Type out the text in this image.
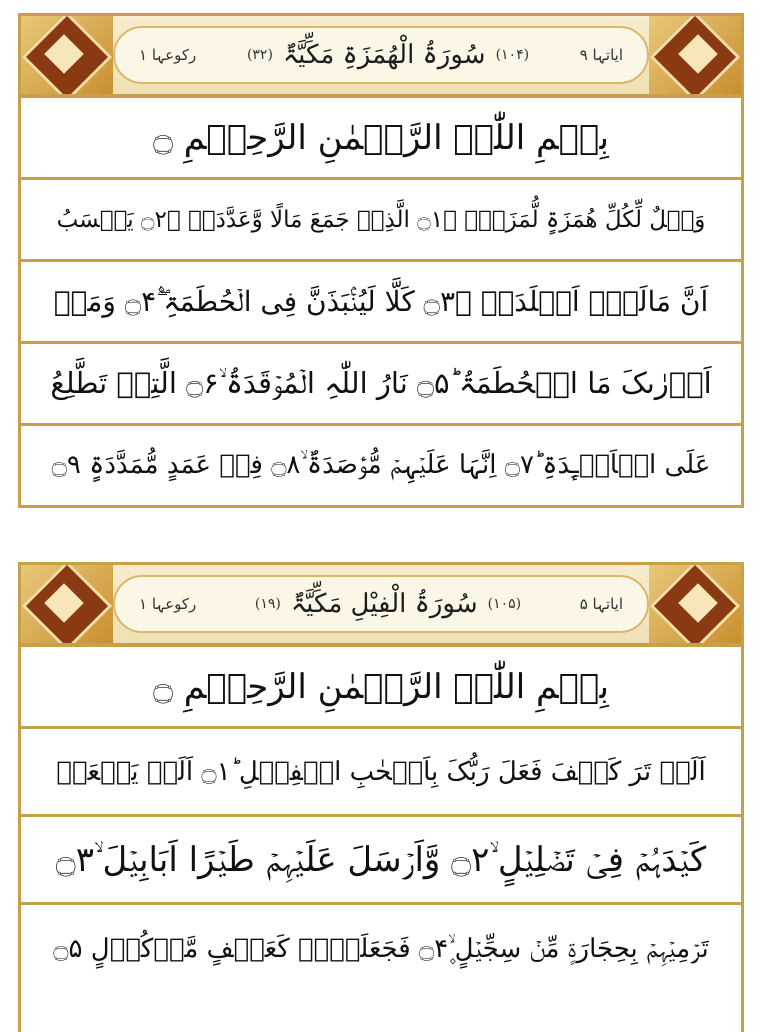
ایاتہا ۹
(۱۰۴)
سُورَۃُ الْھُمَزَۃِ مَکِّیَّۃٌ
(۳۲)
رکوعہا ۱
بِسۡمِ اللّٰہِ الرَّحۡمٰنِ الرَّحِیۡمِ ۝
وَیۡلٌ لِّکُلِّ ھُمَزَۃٍ لُّمَزَۃِۣ ۙ۝۱ الَّذِیۡ جَمَعَ مَالًا وَّعَدَّدَہٗ ۙ۝۲ یَحۡسَبُ
اَنَّ مَالَہٗۤ اَخۡلَدَہٗ ۚ۝۳ کَلَّا لَیُنۡۢبَذَنَّ فِی الۡحُطَمَۃِ ۫ۖ۝۴ وَمَاۤ
اَدۡرٰىکَ مَا الۡحُطَمَۃُ ؕ۝۵ نَارُ اللّٰہِ الۡمُوۡقَدَۃُ ۙ۝۶ الَّتِیۡ تَطَّلِعُ
عَلَی الۡاَفۡـِٕدَۃِ ؕ۝۷ اِنَّہَا عَلَیۡہِمۡ مُّؤۡصَدَۃٌ ۙ۝۸ فِیۡ عَمَدٍ مُّمَدَّدَۃٍ ۝۹
ایاتہا ۵
(۱۰۵)
سُورَۃُ الْفِیْلِ مَکِّیَّۃٌ
(۱۹)
رکوعہا ۱
بِسۡمِ اللّٰہِ الرَّحۡمٰنِ الرَّحِیۡمِ ۝
اَلَمۡ تَرَ کَیۡفَ فَعَلَ رَبُّکَ بِاَصۡحٰبِ الۡفِیۡلِ ؕ۝۱ اَلَمۡ یَجۡعَلۡ
کَیۡدَہُمۡ فِیۡ تَضۡلِیۡلٍ ۙ۝۲ وَّاَرۡسَلَ عَلَیۡہِمۡ طَیۡرًا اَبَابِیۡلَ ۙ۝۳
تَرۡمِیۡہِمۡ بِحِجَارَۃٍ مِّنۡ سِجِّیۡلٍ ۪ۙ۝۴ فَجَعَلَہُمۡ کَعَصۡفٍ مَّاۡکُوۡلٍ ۝۵
